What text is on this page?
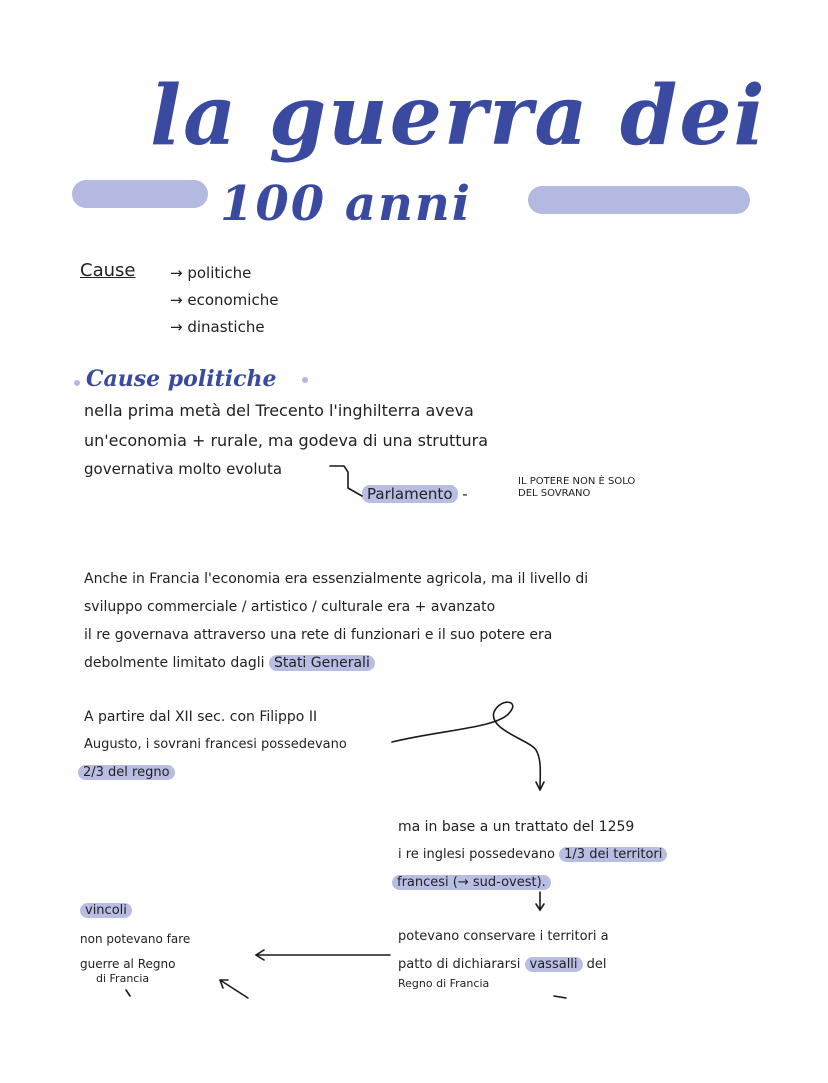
la guerra dei
100 anni
Cause → politiche
→ economiche
→ dinastiche
Cause politiche
nella prima metà del Trecento l'inghilterra aveva
un'economia + rurale, ma godeva di una struttura
governativa molto evoluta
Parlamento -
IL POTERE NON È SOLO
DEL SOVRANO
Anche in Francia l'economia era essenzialmente agricola, ma il livello di
sviluppo commerciale / artistico / culturale era + avanzato
il re governava attraverso una rete di funzionari e il suo potere era
debolmente limitato dagli Stati Generali
A partire dal XII sec. con Filippo II
Augusto, i sovrani francesi possedevano
2/3 del regno
ma in base a un trattato del 1259
i re inglesi possedevano 1/3 dei territori
francesi (→ sud-ovest).
vincoli
non potevano fare
guerre al Regno
di Francia
potevano conservare i territori a
patto di dichiararsi vassalli del
Regno di Francia
